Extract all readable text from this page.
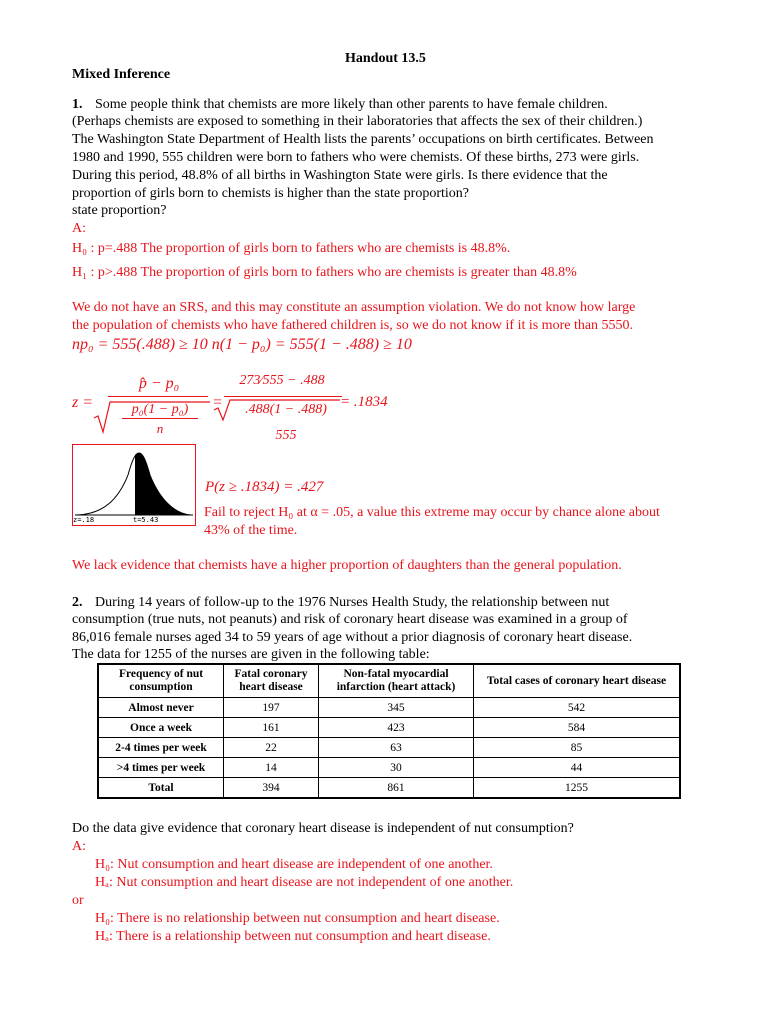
Handout 13.5
Mixed Inference
1. Some people think that chemists are more likely than other parents to have female children.
(Perhaps chemists are exposed to something in their laboratories that affects the sex of their children.)
The Washington State Department of Health lists the parents’ occupations on birth certificates. Between
1980 and 1990, 555 children were born to fathers who were chemists. Of these births, 273 were girls.
During this period, 48.8% of all births in Washington State were girls. Is there evidence that the
proportion of girls born to chemists is higher than the state proportion?
state proportion?
A:
H₀ : p=.488 The proportion of girls born to fathers who are chemists is 48.8%.
H₁ : p>.488 The proportion of girls born to fathers who are chemists is greater than 48.8%
We do not have an SRS, and this may constitute an assumption violation. We do not know how large
the population of chemists who have fathered children is, so we do not know if it is more than 5550.
np₀ = 555(.488) ≥ 10 n(1 − p₀) = 555(1 − .488) ≥ 10
z =
p̂ − p₀
p₀(1 − p₀)
n
=
273⁄555 − .488
.488(1 − .488)
555
= .1834
z=.18	t=5.43
P(z ≥ .1834) = .427
Fail to reject H₀ at α = .05, a value this extreme may occur by chance alone about
43% of the time.
We lack evidence that chemists have a higher proportion of daughters than the general population.
2. During 14 years of follow-up to the 1976 Nurses Health Study, the relationship between nut
consumption (true nuts, not peanuts) and risk of coronary heart disease was examined in a group of
86,016 female nurses aged 34 to 59 years of age without a prior diagnosis of coronary heart disease.
The data for 1255 of the nurses are given in the following table:
Frequency of nut consumption	Fatal coronary heart disease	Non-fatal myocardial infarction (heart attack)	Total cases of coronary heart disease
Almost never	197	345	542
Once a week	161	423	584
2-4 times per week	22	63	85
>4 times per week	14	30	44
Total	394	861	1255
Do the data give evidence that coronary heart disease is independent of nut consumption?
A:
H₀: Nut consumption and heart disease are independent of one another.
Hₐ: Nut consumption and heart disease are not independent of one another.
or
H₀: There is no relationship between nut consumption and heart disease.
Hₐ: There is a relationship between nut consumption and heart disease.
